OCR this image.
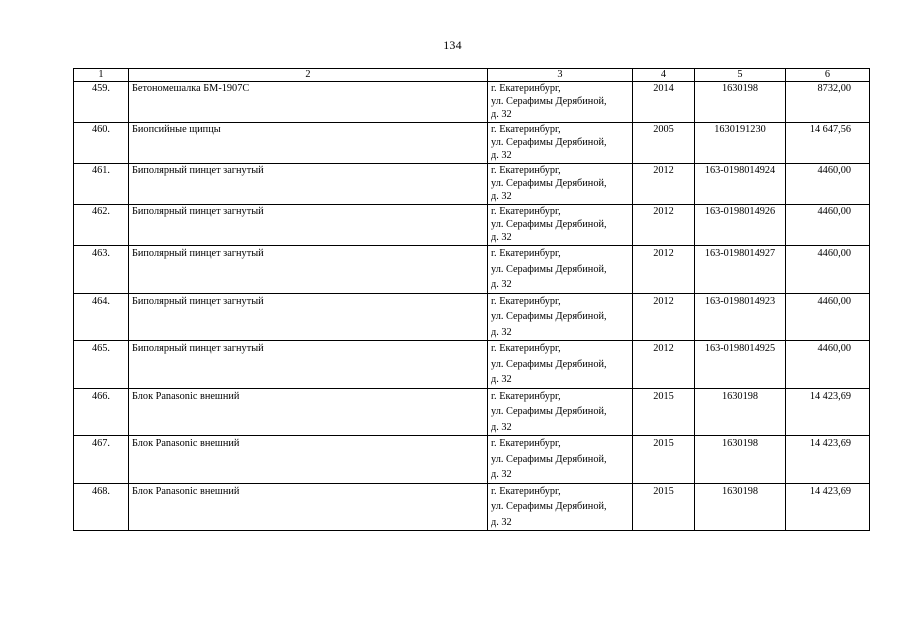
134
1	2	3	4	5	6
459.	Бетономешалка БМ-1907С	г. Екатеринбург,
ул. Серафимы Дерябиной,
д. 32	2014	1630198	8732,00
460.	Биопсийные щипцы	г. Екатеринбург,
ул. Серафимы Дерябиной,
д. 32	2005	1630191230	14 647,56
461.	Биполярный пинцет загнутый	г. Екатеринбург,
ул. Серафимы Дерябиной,
д. 32	2012	163-0198014924	4460,00
462.	Биполярный пинцет загнутый	г. Екатеринбург,
ул. Серафимы Дерябиной,
д. 32	2012	163-0198014926	4460,00
463.	Биполярный пинцет загнутый	г. Екатеринбург,
ул. Серафимы Дерябиной,
д. 32	2012	163-0198014927	4460,00
464.	Биполярный пинцет загнутый	г. Екатеринбург,
ул. Серафимы Дерябиной,
д. 32	2012	163-0198014923	4460,00
465.	Биполярный пинцет загнутый	г. Екатеринбург,
ул. Серафимы Дерябиной,
д. 32	2012	163-0198014925	4460,00
466.	Блок Panasonic внешний	г. Екатеринбург,
ул. Серафимы Дерябиной,
д. 32	2015	1630198	14 423,69
467.	Блок Panasonic внешний	г. Екатеринбург,
ул. Серафимы Дерябиной,
д. 32	2015	1630198	14 423,69
468.	Блок Panasonic внешний	г. Екатеринбург,
ул. Серафимы Дерябиной,
д. 32	2015	1630198	14 423,69
